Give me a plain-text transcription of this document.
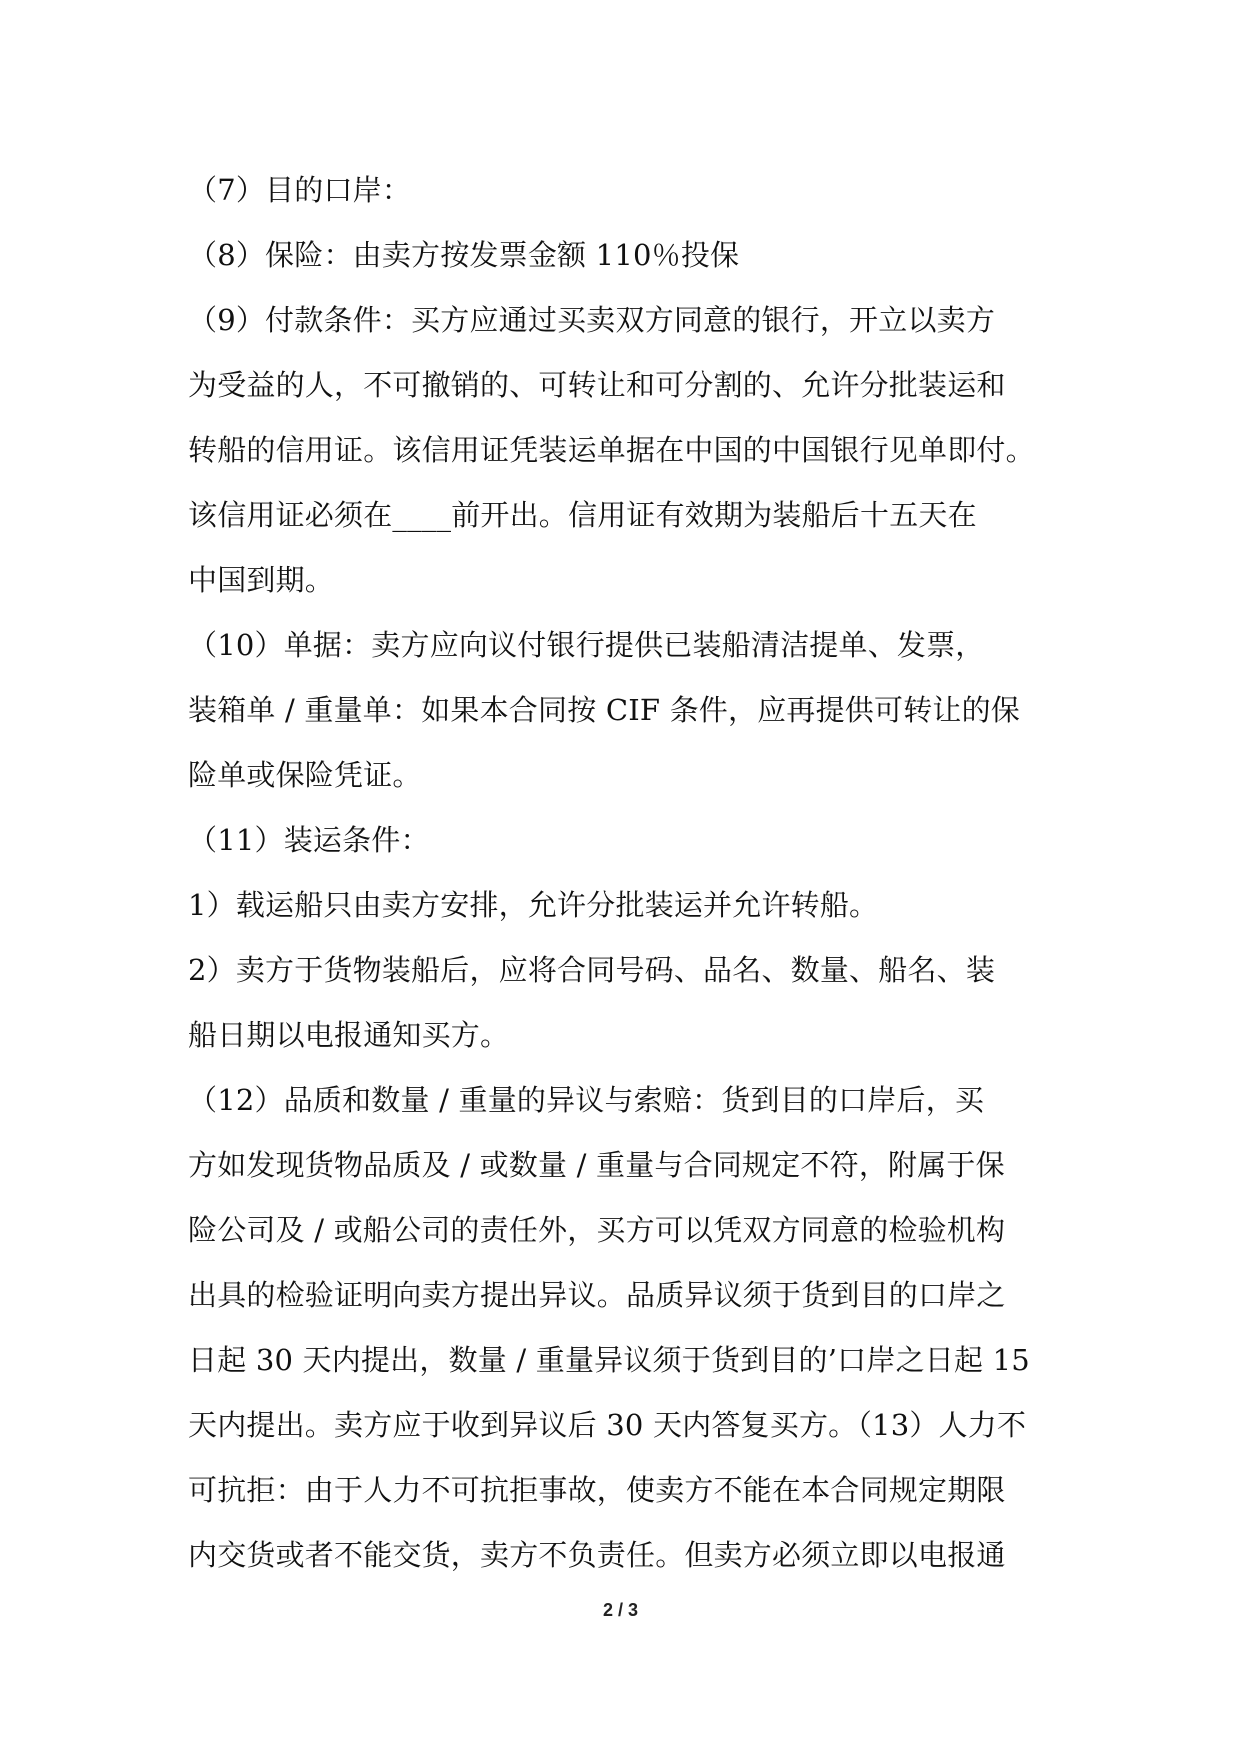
（7）目的口岸：
（8）保险：由卖方按发票金额 110％投保
（9）付款条件：买方应通过买卖双方同意的银行，开立以卖方
为受益的人，不可撤销的、可转让和可分割的、允许分批装运和
转船的信用证。该信用证凭装运单据在中国的中国银行见单即付。
该信用证必须在____前开出。信用证有效期为装船后十五天在
中国到期。
（10）单据：卖方应向议付银行提供已装船清洁提单、发票，
装箱单 / 重量单：如果本合同按 CIF 条件，应再提供可转让的保
险单或保险凭证。
（11）装运条件：
1）载运船只由卖方安排，允许分批装运并允许转船。
2）卖方于货物装船后，应将合同号码、品名、数量、船名、装
船日期以电报通知买方。
（12）品质和数量 / 重量的异议与索赔：货到目的口岸后，买
方如发现货物品质及 / 或数量 / 重量与合同规定不符，附属于保
险公司及 / 或船公司的责任外，买方可以凭双方同意的检验机构
出具的检验证明向卖方提出异议。品质异议须于货到目的口岸之
日起 30 天内提出，数量 / 重量异议须于货到目的’口岸之日起 15
天内提出。卖方应于收到异议后 30 天内答复买方。（13）人力不
可抗拒：由于人力不可抗拒事故，使卖方不能在本合同规定期限
内交货或者不能交货，卖方不负责任。但卖方必须立即以电报通
2 / 3
